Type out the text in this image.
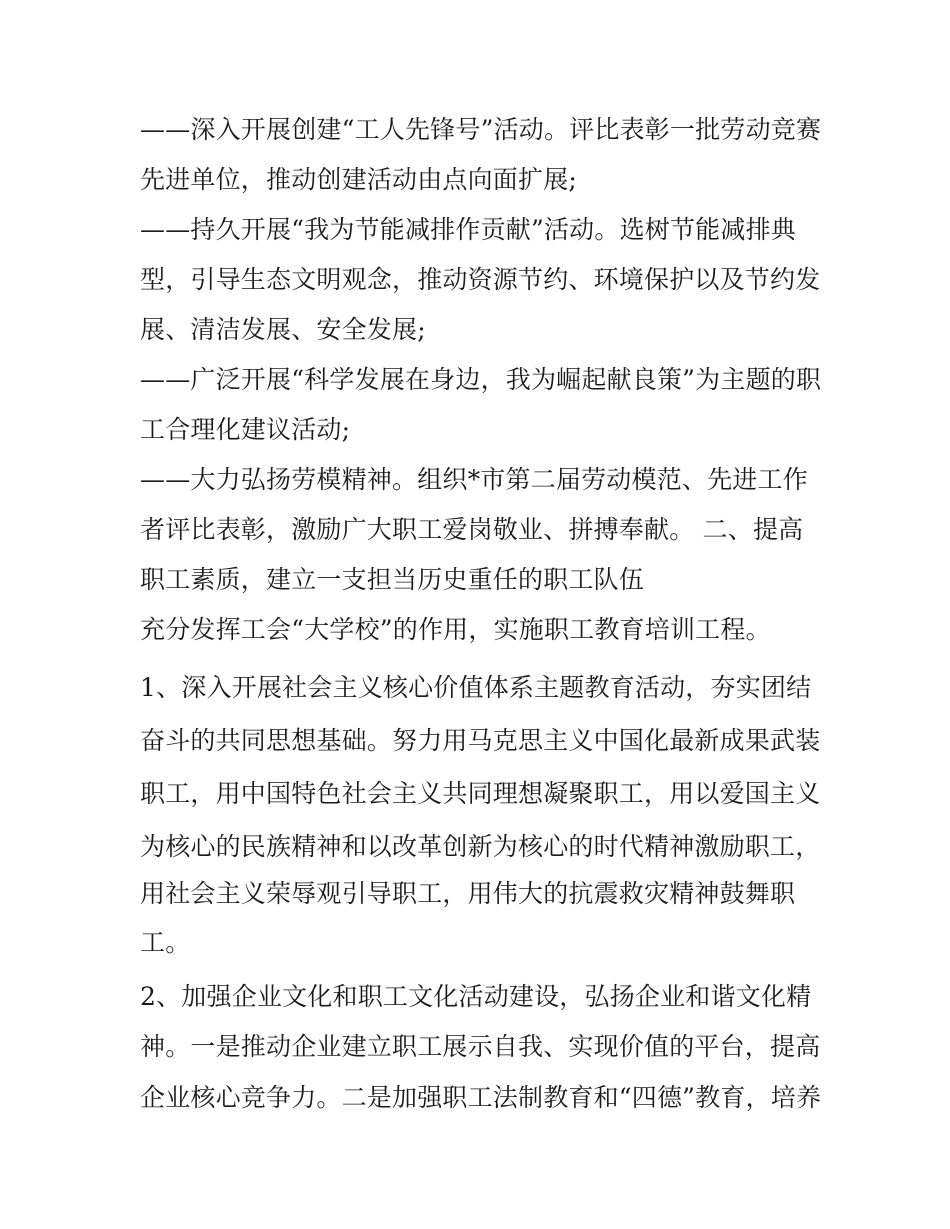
——深入开展创建“工人先锋号”活动。评比表彰一批劳动竞赛
先进单位，推动创建活动由点向面扩展;
——持久开展“我为节能减排作贡献”活动。选树节能减排典
型，引导生态文明观念，推动资源节约、环境保护以及节约发
展、清洁发展、安全发展;
——广泛开展“科学发展在身边，我为崛起献良策”为主题的职
工合理化建议活动;
——大力弘扬劳模精神。组织*市第二届劳动模范、先进工作
者评比表彰，激励广大职工爱岗敬业、拼搏奉献。 二、提高
职工素质，建立一支担当历史重任的职工队伍
充分发挥工会“大学校”的作用，实施职工教育培训工程。
1、深入开展社会主义核心价值体系主题教育活动，夯实团结
奋斗的共同思想基础。努力用马克思主义中国化最新成果武装
职工，用中国特色社会主义共同理想凝聚职工，用以爱国主义
为核心的民族精神和以改革创新为核心的时代精神激励职工，
用社会主义荣辱观引导职工，用伟大的抗震救灾精神鼓舞职
工。
2、加强企业文化和职工文化活动建设，弘扬企业和谐文化精
神。一是推动企业建立职工展示自我、实现价值的平台，提高
企业核心竞争力。二是加强职工法制教育和“四德”教育，培养
